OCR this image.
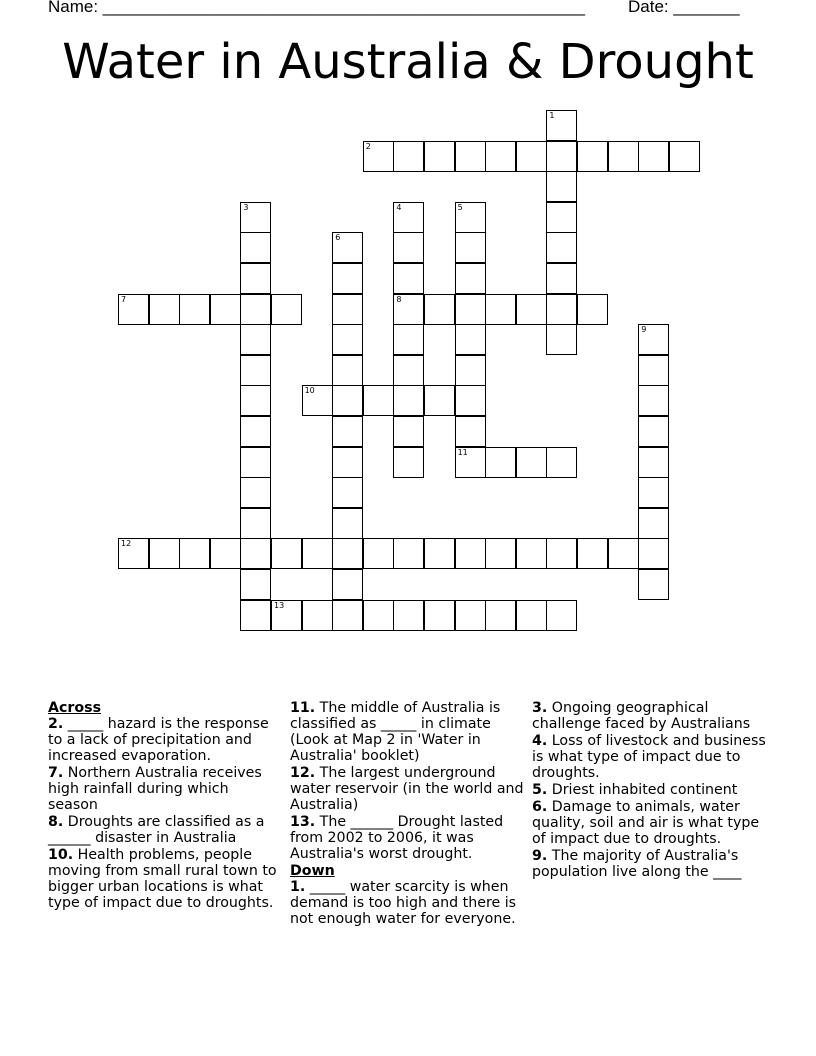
Name: ___________________________________________________	Date: _______
Water in Australia & Drought
1
2
3	4
8
5
11
6
7
9
10
12
13
Across
2. _____ hazard is the response to a lack of precipitation and increased evaporation.
7. Northern Australia receives high rainfall during which season
8. Droughts are classified as a ______ disaster in Australia
10. Health problems, people moving from small rural town to bigger urban locations is what type of impact due to droughts.
11. The middle of Australia is classified as _____ in climate (Look at Map 2 in 'Water in Australia' booklet)
12. The largest underground water reservoir (in the world and Australia)
13. The ______ Drought lasted from 2002 to 2006, it was Australia's worst drought.
Down
1. _____ water scarcity is when demand is too high and there is not enough water for everyone.
3. Ongoing geographical challenge faced by Australians
4. Loss of livestock and business is what type of impact due to droughts.
5. Driest inhabited continent
6. Damage to animals, water quality, soil and air is what type of impact due to droughts.
9. The majority of Australia's population live along the ____
